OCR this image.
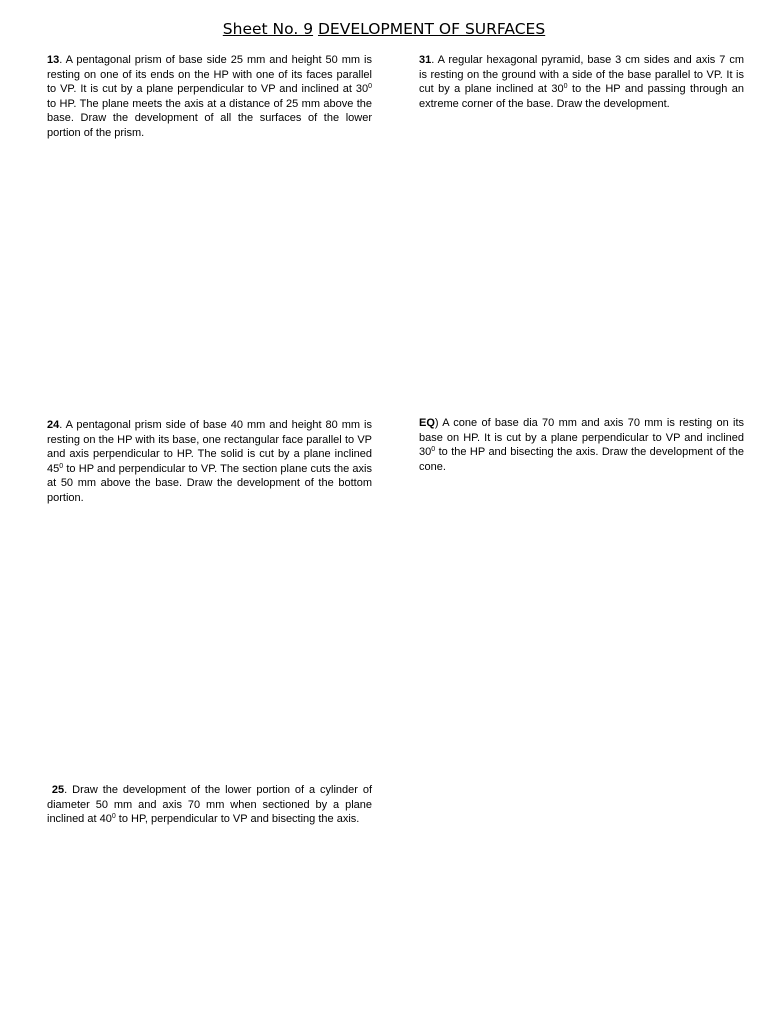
Sheet No. 9 DEVELOPMENT OF SURFACES

13. A pentagonal prism of base side 25 mm and height 50 mm is resting on one of its ends on the HP with one of its faces parallel to VP. It is cut by a plane perpendicular to VP and inclined at $30^0$ to HP. The plane meets the axis at a distance of 25 mm above the base. Draw the development of all the surfaces of the lower portion of the prism.

31. A regular hexagonal pyramid, base 3 cm sides and axis 7 cm is resting on the ground with a side of the base parallel to VP. It is cut by a plane inclined at $30^0$ to the HP and passing through an extreme corner of the base. Draw the development.

24. A pentagonal prism side of base 40 mm and height 80 mm is resting on the HP with its base, one rectangular face parallel to VP and axis perpendicular to HP. The solid is cut by a plane inclined $45^0$ to HP and perpendicular to VP. The section plane cuts the axis at 50 mm above the base. Draw the development of the bottom portion.

EQ) A cone of base dia 70 mm and axis 70 mm is resting on its base on HP. It is cut by a plane perpendicular to VP and inclined $30^0$ to the HP and bisecting the axis. Draw the development of the cone.

25. Draw the development of the lower portion of a cylinder of diameter 50 mm and axis 70 mm when sectioned by a plane inclined at $40^0$ to HP, perpendicular to VP and bisecting the axis.
